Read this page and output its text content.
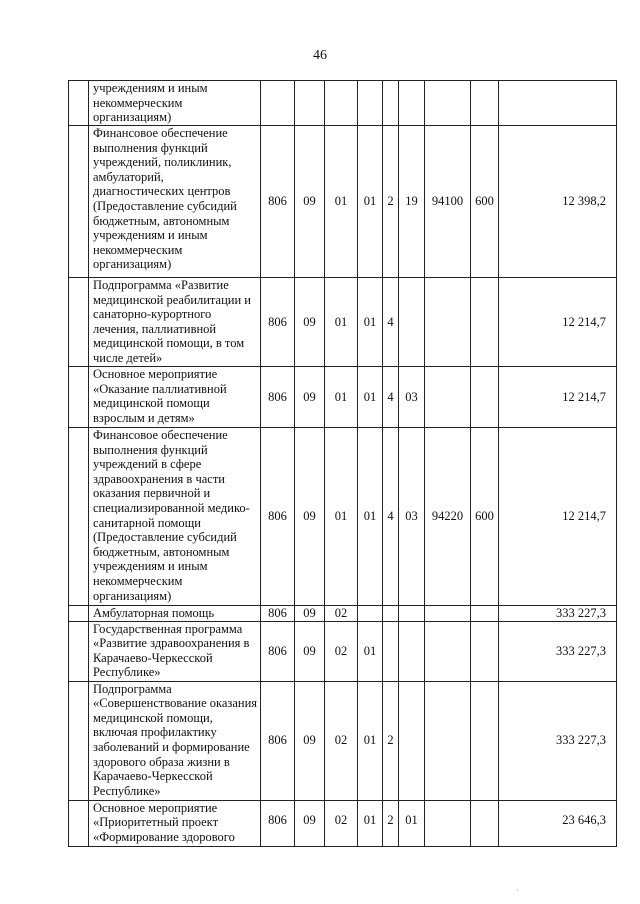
46
	учреждениям и иным некоммерческим организациям)									
	Финансовое обеспечение выполнения функций учреждений, поликлиник, амбулаторий, диагностических центров (Предоставление субсидий бюджетным, автономным учреждениям и иным некоммерческим организациям)	806	09	01	01	2	19	94100	600	12 398,2
	Подпрограмма «Развитие медицинской реабилитации и санаторно-курортного лечения, паллиативной медицинской помощи, в том числе детей»	806	09	01	01	4				12 214,7
	Основное мероприятие «Оказание паллиативной медицинской помощи взрослым и детям»	806	09	01	01	4	03			12 214,7
	Финансовое обеспечение выполнения функций учреждений в сфере здравоохранения в части оказания первичной и специализированной медико-санитарной помощи (Предоставление субсидий бюджетным, автономным учреждениям и иным некоммерческим организациям)	806	09	01	01	4	03	94220	600	12 214,7
	Амбулаторная помощь	806	09	02						333 227,3
	Государственная программа «Развитие здравоохранения в Карачаево-Черкесской Республике»	806	09	02	01					333 227,3
	Подпрограмма «Совершенствование оказания медицинской помощи, включая профилактику заболеваний и формирование здорового образа жизни в Карачаево-Черкесской Республике»	806	09	02	01	2				333 227,3
	Основное мероприятие «Приоритетный проект «Формирование здорового	806	09	02	01	2	01			23 646,3
·
